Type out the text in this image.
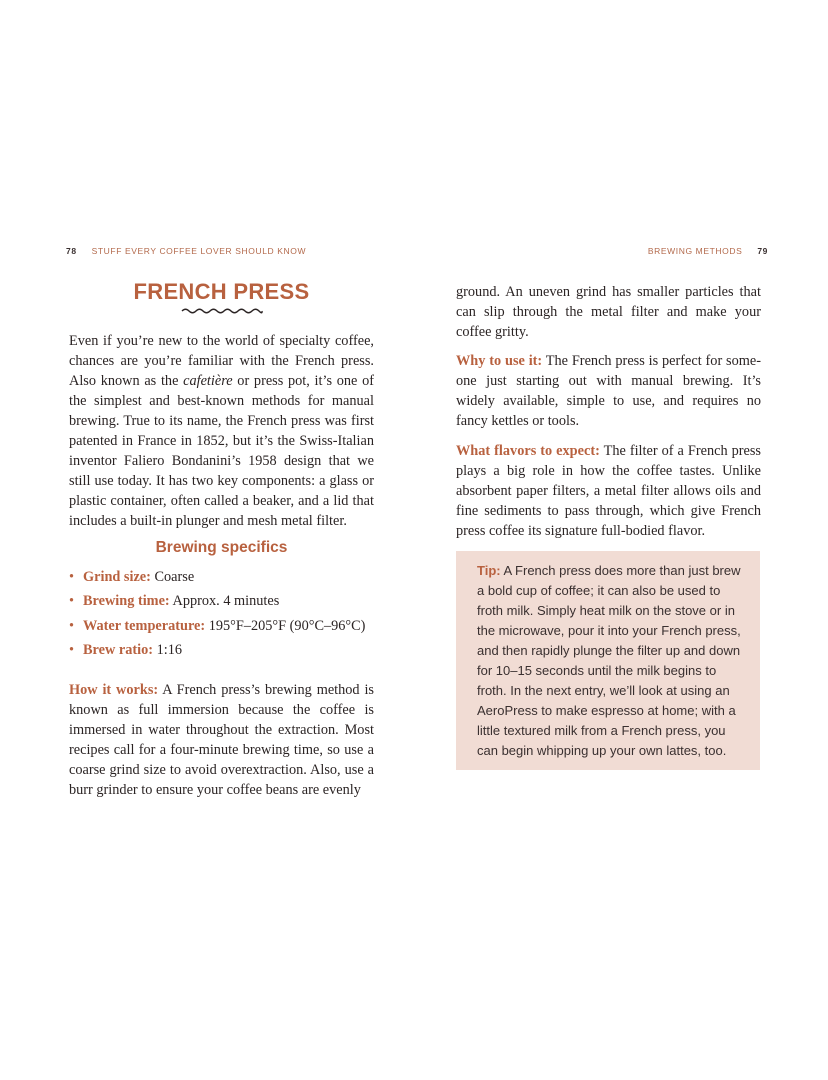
78 STUFF EVERY COFFEE LOVER SHOULD KNOW	BREWING METHODS 79
FRENCH PRESS

Even if you’re new to the world of specialty coffee, chances are you’re familiar with the French press. Also known as the cafetière or press pot, it’s one of the simplest and best-known methods for manual brewing. True to its name, the French press was first patented in France in 1852, but it’s the Swiss-Italian inventor Faliero Bondanini’s 1958 design that we still use today. It has two key components: a glass or plastic container, often called a beaker, and a lid that includes a built-in plunger and mesh metal filter.

Brewing specifics
• Grind size: Coarse
• Brewing time: Approx. 4 minutes
• Water temperature: 195°F–205°F (90°C–96°C)
• Brew ratio: 1:16

How it works: A French press’s brewing method is known as full immersion because the coffee is immersed in water throughout the extraction. Most recipes call for a four-minute brewing time, so use a coarse grind size to avoid overextraction. Also, use a burr grinder to ensure your coffee beans are evenly

ground. An uneven grind has smaller particles that can slip through the metal filter and make your coffee gritty.

Why to use it: The French press is perfect for someone just starting out with manual brewing. It’s widely available, simple to use, and requires no fancy kettles or tools.

What flavors to expect: The filter of a French press plays a big role in how the coffee tastes. Unlike absorbent paper filters, a metal filter allows oils and fine sediments to pass through, which give French press coffee its signature full-bodied flavor.

Tip: A French press does more than just brew a bold cup of coffee; it can also be used to froth milk. Simply heat milk on the stove or in the microwave, pour it into your French press, and then rapidly plunge the filter up and down for 10–15 seconds until the milk begins to froth. In the next entry, we’ll look at using an AeroPress to make espresso at home; with a little textured milk from a French press, you can begin whipping up your own lattes, too.
